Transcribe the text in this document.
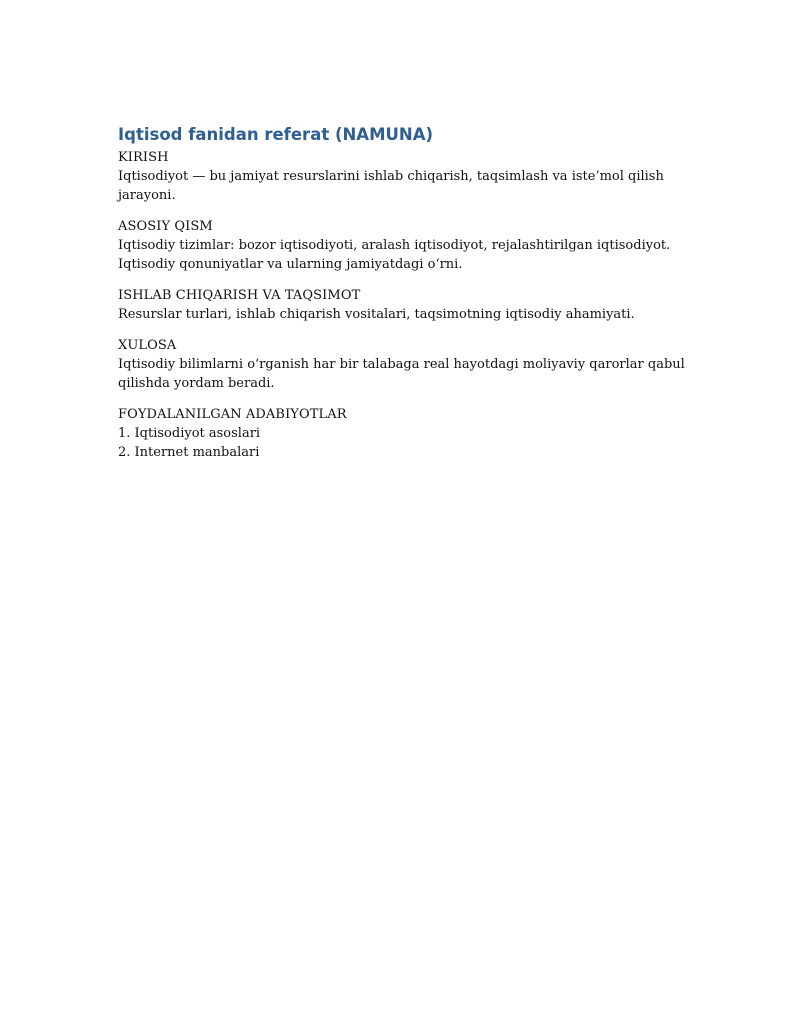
Iqtisod fanidan referat (NAMUNA)

KIRISH

Iqtisodiyot — bu jamiyat resurslarini ishlab chiqarish, taqsimlash va iste’mol qilish jarayoni.

ASOSIY QISM

Iqtisodiy tizimlar: bozor iqtisodiyoti, aralash iqtisodiyot, rejalashtirilgan iqtisodiyot. Iqtisodiy qonuniyatlar va ularning jamiyatdagi o‘rni.

ISHLAB CHIQARISH VA TAQSIMOT

Resurslar turlari, ishlab chiqarish vositalari, taqsimotning iqtisodiy ahamiyati.

XULOSA

Iqtisodiy bilimlarni o‘rganish har bir talabaga real hayotdagi moliyaviy qarorlar qabul qilishda yordam beradi.

FOYDALANILGAN ADABIYOTLAR

1. Iqtisodiyot asoslari
2. Internet manbalari
